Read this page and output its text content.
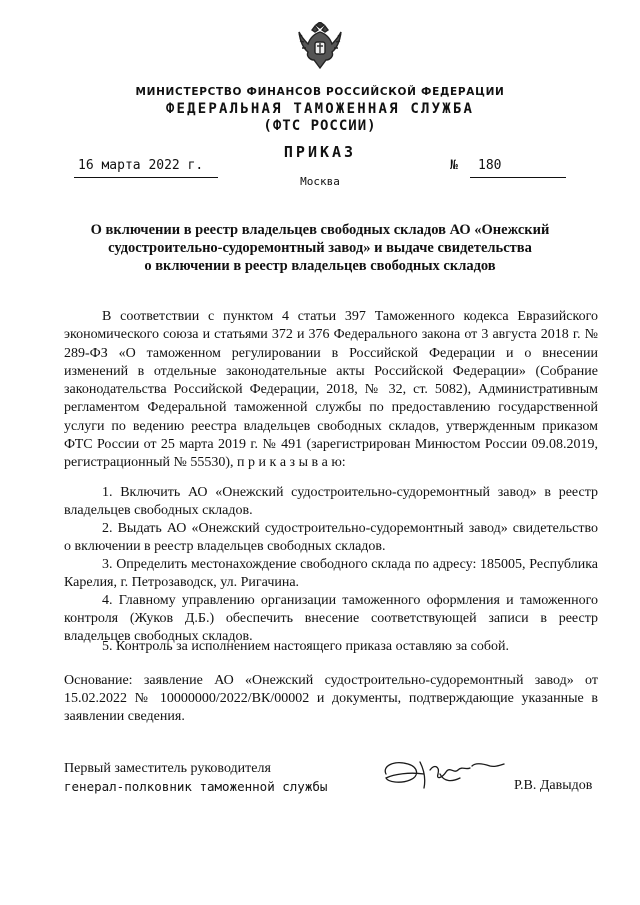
МИНИСТЕРСТВО ФИНАНСОВ РОССИЙСКОЙ ФЕДЕРАЦИИ
ФЕДЕРАЛЬНАЯ ТАМОЖЕННАЯ СЛУЖБА
(ФТС РОССИИ)
ПРИКАЗ
16 марта 2022 г.	№ 180
Москва
О включении в реестр владельцев свободных складов АО «Онежский
судостроительно-судоремонтный завод» и выдаче свидетельства
о включении в реестр владельцев свободных складов
В соответствии с пунктом 4 статьи 397 Таможенного кодекса Евразийского экономического союза и статьями 372 и 376 Федерального закона от 3 августа 2018 г. № 289-ФЗ «О таможенном регулировании в Российской Федерации и о внесении изменений в отдельные законодательные акты Российской Федерации» (Собрание законодательства Российской Федерации, 2018, № 32, ст. 5082), Административным регламентом Федеральной таможенной службы по предоставлению государственной услуги по ведению реестра владельцев свободных складов, утвержденным приказом ФТС России от 25 марта 2019 г. № 491 (зарегистрирован Минюстом России 09.08.2019, регистрационный № 55530), п р и к а з ы в а ю:
1. Включить АО «Онежский судостроительно-судоремонтный завод» в реестр владельцев свободных складов.
2. Выдать АО «Онежский судостроительно-судоремонтный завод» свидетельство о включении в реестр владельцев свободных складов.
3. Определить местонахождение свободного склада по адресу: 185005, Республика Карелия, г. Петрозаводск, ул. Ригачина.
4. Главному управлению организации таможенного оформления и таможенного контроля (Жуков Д.Б.) обеспечить внесение соответствующей записи в реестр владельцев свободных складов.
5. Контроль за исполнением настоящего приказа оставляю за собой.
Основание: заявление АО «Онежский судостроительно-судоремонтный завод» от 15.02.2022 № 10000000/2022/ВК/00002 и документы, подтверждающие указанные в заявлении сведения.
Первый заместитель руководителя
генерал-полковник таможенной службы	Р.В. Давыдов
